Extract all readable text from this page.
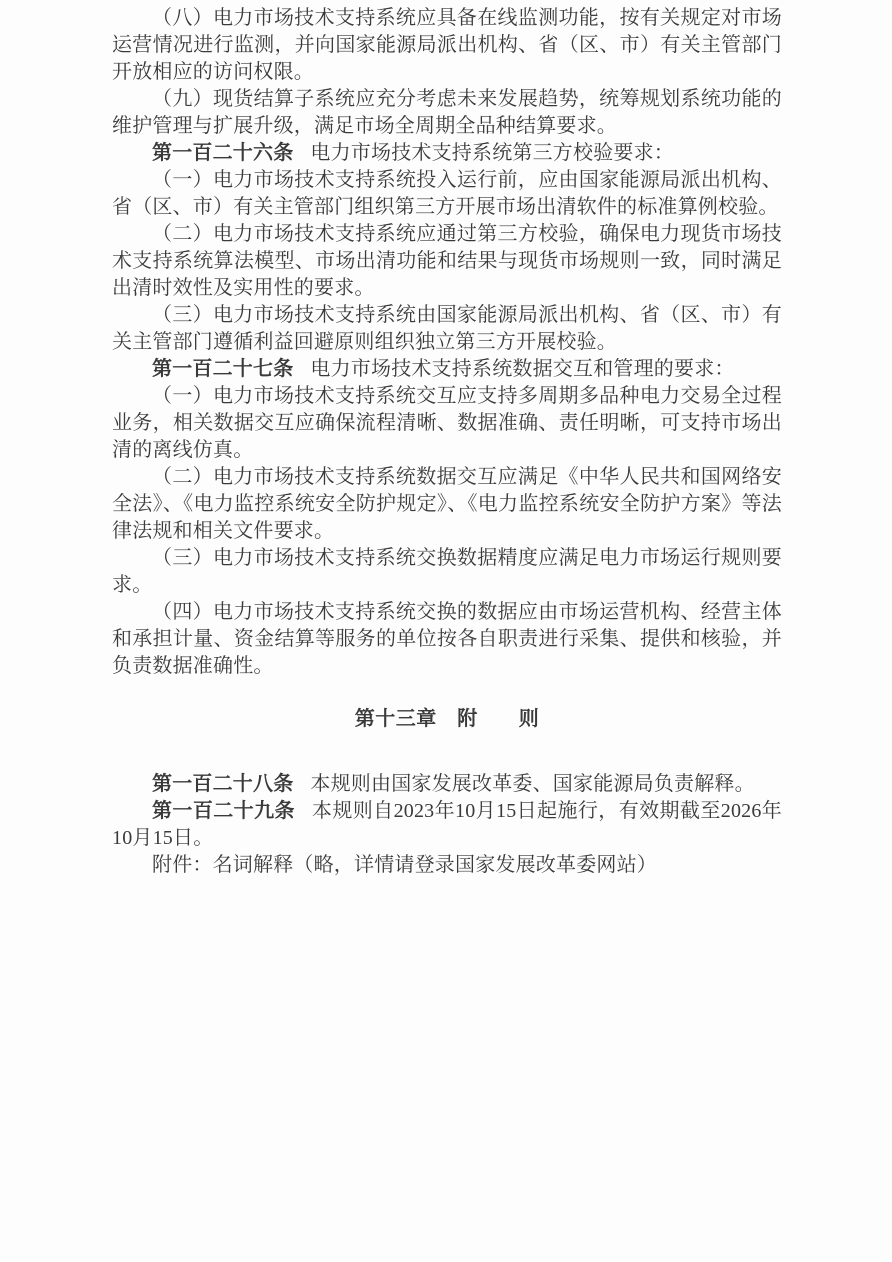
（八）电力市场技术支持系统应具备在线监测功能，按有关规定对市场运营情况进行监测，并向国家能源局派出机构、省（区、市）有关主管部门开放相应的访问权限。

（九）现货结算子系统应充分考虑未来发展趋势，统筹规划系统功能的维护管理与扩展升级，满足市场全周期全品种结算要求。

第一百二十六条 电力市场技术支持系统第三方校验要求：

（一）电力市场技术支持系统投入运行前，应由国家能源局派出机构、省（区、市）有关主管部门组织第三方开展市场出清软件的标准算例校验。

（二）电力市场技术支持系统应通过第三方校验，确保电力现货市场技术支持系统算法模型、市场出清功能和结果与现货市场规则一致，同时满足出清时效性及实用性的要求。

（三）电力市场技术支持系统由国家能源局派出机构、省（区、市）有关主管部门遵循利益回避原则组织独立第三方开展校验。

第一百二十七条 电力市场技术支持系统数据交互和管理的要求：

（一）电力市场技术支持系统交互应支持多周期多品种电力交易全过程业务，相关数据交互应确保流程清晰、数据准确、责任明晰，可支持市场出清的离线仿真。

（二）电力市场技术支持系统数据交互应满足《中华人民共和国网络安全法》、《电力监控系统安全防护规定》、《电力监控系统安全防护方案》等法律法规和相关文件要求。

（三）电力市场技术支持系统交换数据精度应满足电力市场运行规则要求。

（四）电力市场技术支持系统交换的数据应由市场运营机构、经营主体和承担计量、资金结算等服务的单位按各自职责进行采集、提供和核验，并负责数据准确性。

第十三章　附　　则

第一百二十八条 本规则由国家发展改革委、国家能源局负责解释。

第一百二十九条 本规则自2023年10月15日起施行，有效期截至2026年10月15日。

附件：名词解释（略，详情请登录国家发展改革委网站）
